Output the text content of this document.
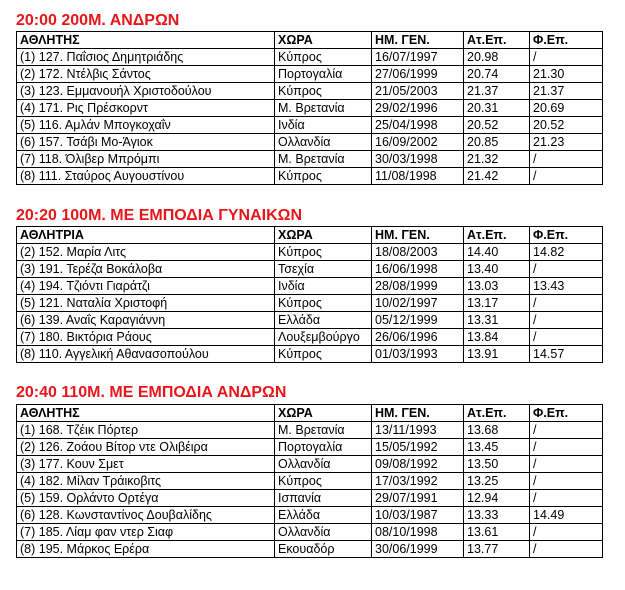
20:00 200Μ. ΑΝΔΡΩΝ
ΑΘΛΗΤΗΣ	ΧΩΡΑ	ΗΜ. ΓΕΝ.	Ατ.Επ.	Φ.Επ.
(1) 127. Παΐσιος Δημητριάδης	Κύπρος	16/07/1997	20.98	/
(2) 172. Ντέλβις Σάντος	Πορτογαλία	27/06/1999	20.74	21.30
(3) 123. Εμμανουήλ Χριστοδούλου	Κύπρος	21/05/2003	21.37	21.37
(4) 171. Ρις Πρέσκορντ	Μ. Βρετανία	29/02/1996	20.31	20.69
(5) 116. Αμλάν Μπογκοχαΐν	Ινδία	25/04/1998	20.52	20.52
(6) 157. Τσάβι Μο-Άγιοκ	Ολλανδία	16/09/2002	20.85	21.23
(7) 118. Όλιβερ Μπρόμπι	Μ. Βρετανία	30/03/1998	21.32	/
(8) 111. Σταύρος Αυγουστίνου	Κύπρος	11/08/1998	21.42	/
20:20 100Μ. ΜΕ ΕΜΠΟΔΙΑ ΓΥΝΑΙΚΩΝ
ΑΘΛΗΤΡΙΑ	ΧΩΡΑ	ΗΜ. ΓΕΝ.	Ατ.Επ.	Φ.Επ.
(2) 152. Μαρία Λιτς	Κύπρος	18/08/2003	14.40	14.82
(3) 191. Τερέζα Βοκάλοβα	Τσεχία	16/06/1998	13.40	/
(4) 194. Τζιόντι Γιαράτζι	Ινδία	28/08/1999	13.03	13.43
(5) 121. Ναταλία Χριστοφή	Κύπρος	10/02/1997	13.17	/
(6) 139. Αναΐς Καραγιάννη	Ελλάδα	05/12/1999	13.31	/
(7) 180. Βικτόρια Ράους	Λουξεμβούργο	26/06/1996	13.84	/
(8) 110. Αγγελική Αθανασοπούλου	Κύπρος	01/03/1993	13.91	14.57
20:40 110Μ. ΜΕ ΕΜΠΟΔΙΑ ΑΝΔΡΩΝ
ΑΘΛΗΤΗΣ	ΧΩΡΑ	ΗΜ. ΓΕΝ.	Ατ.Επ.	Φ.Επ.
(1) 168. Τζέικ Πόρτερ	Μ. Βρετανία	13/11/1993	13.68	/
(2) 126. Ζοάου Βίτορ ντε Ολιβέιρα	Πορτογαλία	15/05/1992	13.45	/
(3) 177. Κουν Σμετ	Ολλανδία	09/08/1992	13.50	/
(4) 182. Μίλαν Τράικοβιτς	Κύπρος	17/03/1992	13.25	/
(5) 159. Ορλάντο Ορτέγα	Ισπανία	29/07/1991	12.94	/
(6) 128. Κωνσταντίνος Δουβαλίδης	Ελλάδα	10/03/1987	13.33	14.49
(7) 185. Λίαμ φαν ντερ Σιαφ	Ολλανδία	08/10/1998	13.61	/
(8) 195. Μάρκος Ερέρα	Εκουαδόρ	30/06/1999	13.77	/
